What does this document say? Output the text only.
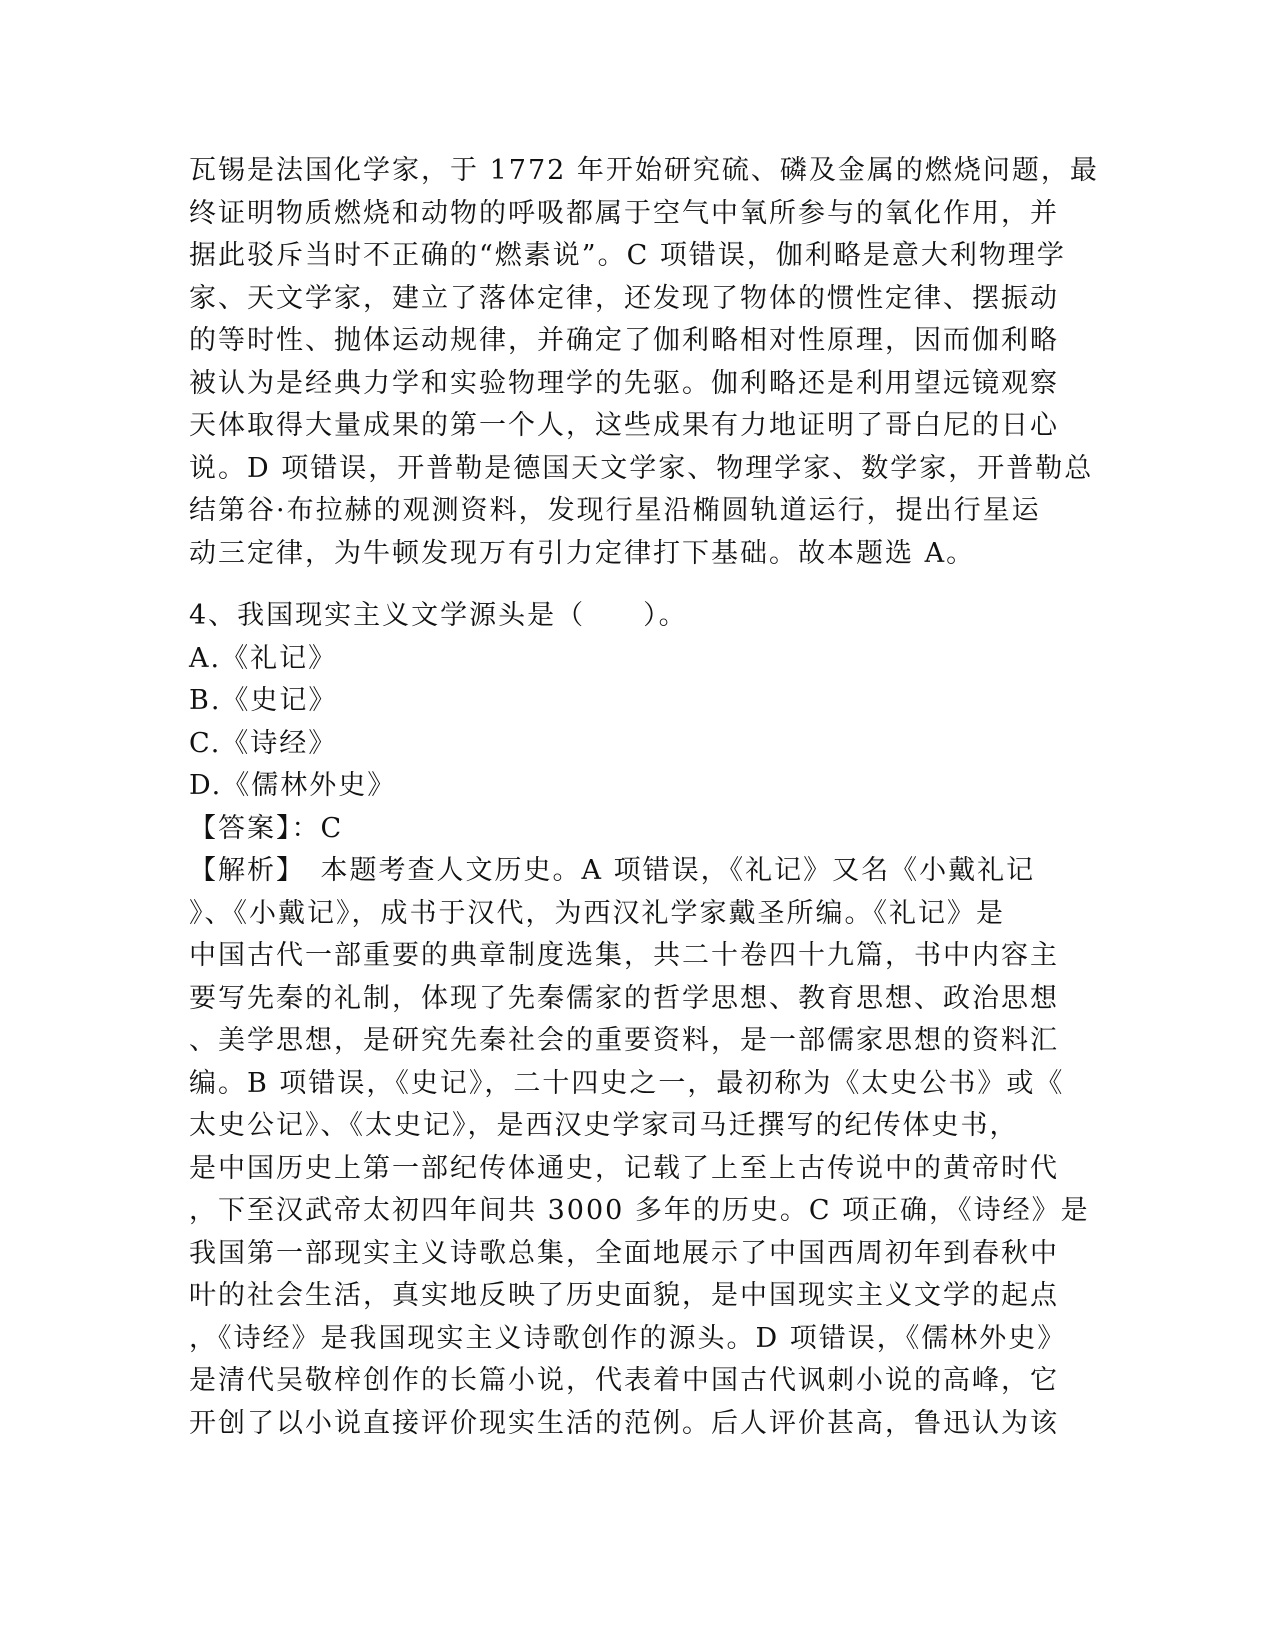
瓦锡是法国化学家，于 1772 年开始研究硫、磷及金属的燃烧问题，最
终证明物质燃烧和动物的呼吸都属于空气中氧所参与的氧化作用，并
据此驳斥当时不正确的“燃素说”。C 项错误，伽利略是意大利物理学
家、天文学家，建立了落体定律，还发现了物体的惯性定律、摆振动
的等时性、抛体运动规律，并确定了伽利略相对性原理，因而伽利略
被认为是经典力学和实验物理学的先驱。伽利略还是利用望远镜观察
天体取得大量成果的第一个人，这些成果有力地证明了哥白尼的日心
说。D 项错误，开普勒是德国天文学家、物理学家、数学家，开普勒总
结第谷·布拉赫的观测资料，发现行星沿椭圆轨道运行，提出行星运
动三定律，为牛顿发现万有引力定律打下基础。故本题选 A。
4、我国现实主义文学源头是（　　）。
A.《礼记》
B.《史记》
C.《诗经》
D.《儒林外史》
【答案】：C
【解析】　本题考查人文历史。A 项错误，《礼记》又名《小戴礼记
》、《小戴记》，成书于汉代，为西汉礼学家戴圣所编。《礼记》是
中国古代一部重要的典章制度选集，共二十卷四十九篇，书中内容主
要写先秦的礼制，体现了先秦儒家的哲学思想、教育思想、政治思想
、美学思想，是研究先秦社会的重要资料，是一部儒家思想的资料汇
编。B 项错误，《史记》，二十四史之一，最初称为《太史公书》或《
太史公记》、《太史记》，是西汉史学家司马迁撰写的纪传体史书，
是中国历史上第一部纪传体通史，记载了上至上古传说中的黄帝时代
，下至汉武帝太初四年间共 3000 多年的历史。C 项正确，《诗经》是
我国第一部现实主义诗歌总集，全面地展示了中国西周初年到春秋中
叶的社会生活，真实地反映了历史面貌，是中国现实主义文学的起点
，《诗经》是我国现实主义诗歌创作的源头。D 项错误，《儒林外史》
是清代吴敬梓创作的长篇小说，代表着中国古代讽刺小说的高峰，它
开创了以小说直接评价现实生活的范例。后人评价甚高，鲁迅认为该
